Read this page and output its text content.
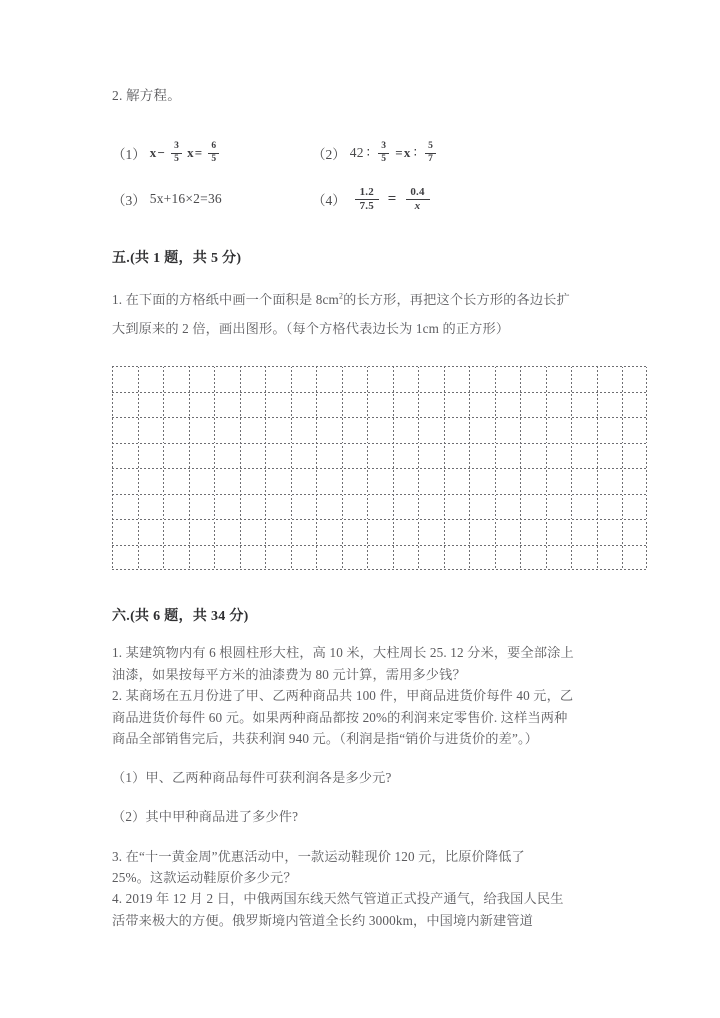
2. 解方程。

（1） $x - \frac{3}{5}$ $x = \frac{6}{5}$	（2） 42 ∶ $\frac{3}{5} = x$ ∶ $\frac{5}{7}$
（3） 5x+16×2=36	$(4) \frac{1.2}{7.5} = \frac{0.4}{x}$

五.(共 1 题，共 5 分)

1. 在下面的方格纸中画一个面积是 $8cm^2$的长方形，再把这个长方形的各边长扩
大到原来的 2 倍，画出图形。（每个方格代表边长为 1cm 的正方形）

六.(共 6 题，共 34 分)

1. 某建筑物内有 6 根圆柱形大柱，高 10 米，大柱周长 25. 12 分米，要全部涂上
油漆，如果按每平方米的油漆费为 80 元计算，需用多少钱？

2. 某商场在五月份进了甲、乙两种商品共 100 件，甲商品进货价每件 40 元，乙
商品进货价每件 60 元。如果两种商品都按 20%的利润来定零售价. 这样当两种
商品全部销售完后，共获利润 940 元。（利润是指“销价与进货价的差”。）

（1）甲、乙两种商品每件可获利润各是多少元?

（2）其中甲种商品进了多少件?

3. 在“十一黄金周”优惠活动中，一款运动鞋现价 120 元，比原价降低了
25%。这款运动鞋原价多少元？

4. 2019 年 12 月 2 日，中俄两国东线天然气管道正式投产通气，给我国人民生
活带来极大的方便。俄罗斯境内管道全长约 3000km，中国境内新建管道
